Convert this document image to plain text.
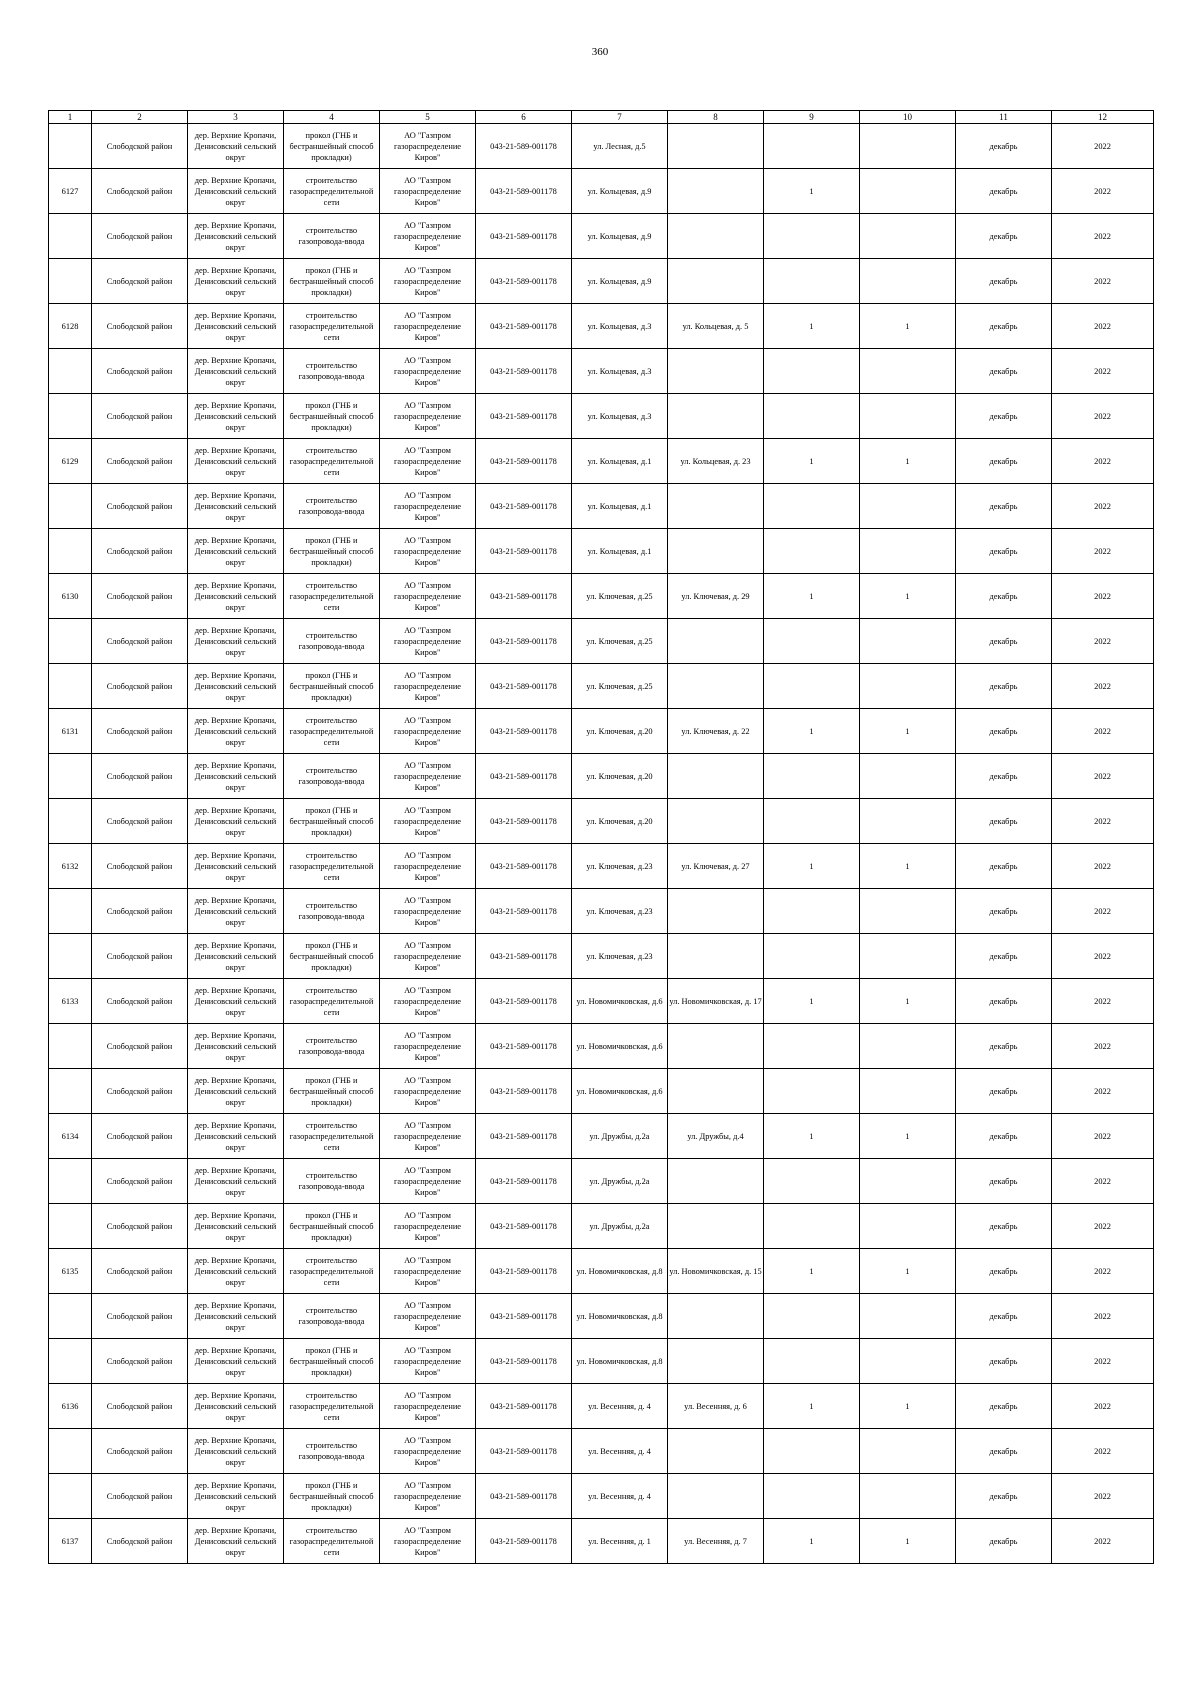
360
1	2	3	4	5	6	7	8	9	10	11	12
	Слободской район	дер. Верхние Кропачи, Денисовский сельский округ	прокол (ГНБ и бестраншейный способ прокладки)	АО "Газпром газораспределение Киров"	043-21-589-001178	ул. Лесная, д.5				декабрь	2022
6127	Слободской район	дер. Верхние Кропачи, Денисовский сельский округ	строительство газораспределительной сети	АО "Газпром газораспределение Киров"	043-21-589-001178	ул. Кольцевая, д.9		1		декабрь	2022
	Слободской район	дер. Верхние Кропачи, Денисовский сельский округ	строительство газопровода-ввода	АО "Газпром газораспределение Киров"	043-21-589-001178	ул. Кольцевая, д.9				декабрь	2022
	Слободской район	дер. Верхние Кропачи, Денисовский сельский округ	прокол (ГНБ и бестраншейный способ прокладки)	АО "Газпром газораспределение Киров"	043-21-589-001178	ул. Кольцевая, д.9				декабрь	2022
6128	Слободской район	дер. Верхние Кропачи, Денисовский сельский округ	строительство газораспределительной сети	АО "Газпром газораспределение Киров"	043-21-589-001178	ул. Кольцевая, д.3	ул. Кольцевая, д. 5	1	1	декабрь	2022
	Слободской район	дер. Верхние Кропачи, Денисовский сельский округ	строительство газопровода-ввода	АО "Газпром газораспределение Киров"	043-21-589-001178	ул. Кольцевая, д.3				декабрь	2022
	Слободской район	дер. Верхние Кропачи, Денисовский сельский округ	прокол (ГНБ и бестраншейный способ прокладки)	АО "Газпром газораспределение Киров"	043-21-589-001178	ул. Кольцевая, д.3				декабрь	2022
6129	Слободской район	дер. Верхние Кропачи, Денисовский сельский округ	строительство газораспределительной сети	АО "Газпром газораспределение Киров"	043-21-589-001178	ул. Кольцевая, д.1	ул. Кольцевая, д. 23	1	1	декабрь	2022
	Слободской район	дер. Верхние Кропачи, Денисовский сельский округ	строительство газопровода-ввода	АО "Газпром газораспределение Киров"	043-21-589-001178	ул. Кольцевая, д.1				декабрь	2022
	Слободской район	дер. Верхние Кропачи, Денисовский сельский округ	прокол (ГНБ и бестраншейный способ прокладки)	АО "Газпром газораспределение Киров"	043-21-589-001178	ул. Кольцевая, д.1				декабрь	2022
6130	Слободской район	дер. Верхние Кропачи, Денисовский сельский округ	строительство газораспределительной сети	АО "Газпром газораспределение Киров"	043-21-589-001178	ул. Ключевая, д.25	ул. Ключевая, д. 29	1	1	декабрь	2022
	Слободской район	дер. Верхние Кропачи, Денисовский сельский округ	строительство газопровода-ввода	АО "Газпром газораспределение Киров"	043-21-589-001178	ул. Ключевая, д.25				декабрь	2022
	Слободской район	дер. Верхние Кропачи, Денисовский сельский округ	прокол (ГНБ и бестраншейный способ прокладки)	АО "Газпром газораспределение Киров"	043-21-589-001178	ул. Ключевая, д.25				декабрь	2022
6131	Слободской район	дер. Верхние Кропачи, Денисовский сельский округ	строительство газораспределительной сети	АО "Газпром газораспределение Киров"	043-21-589-001178	ул. Ключевая, д.20	ул. Ключевая, д. 22	1	1	декабрь	2022
	Слободской район	дер. Верхние Кропачи, Денисовский сельский округ	строительство газопровода-ввода	АО "Газпром газораспределение Киров"	043-21-589-001178	ул. Ключевая, д.20				декабрь	2022
	Слободской район	дер. Верхние Кропачи, Денисовский сельский округ	прокол (ГНБ и бестраншейный способ прокладки)	АО "Газпром газораспределение Киров"	043-21-589-001178	ул. Ключевая, д.20				декабрь	2022
6132	Слободской район	дер. Верхние Кропачи, Денисовский сельский округ	строительство газораспределительной сети	АО "Газпром газораспределение Киров"	043-21-589-001178	ул. Ключевая, д.23	ул. Ключевая, д. 27	1	1	декабрь	2022
	Слободской район	дер. Верхние Кропачи, Денисовский сельский округ	строительство газопровода-ввода	АО "Газпром газораспределение Киров"	043-21-589-001178	ул. Ключевая, д.23				декабрь	2022
	Слободской район	дер. Верхние Кропачи, Денисовский сельский округ	прокол (ГНБ и бестраншейный способ прокладки)	АО "Газпром газораспределение Киров"	043-21-589-001178	ул. Ключевая, д.23				декабрь	2022
6133	Слободской район	дер. Верхние Кропачи, Денисовский сельский округ	строительство газораспределительной сети	АО "Газпром газораспределение Киров"	043-21-589-001178	ул. Новомичковская, д.6	ул. Новомичковская, д. 17	1	1	декабрь	2022
	Слободской район	дер. Верхние Кропачи, Денисовский сельский округ	строительство газопровода-ввода	АО "Газпром газораспределение Киров"	043-21-589-001178	ул. Новомичковская, д.6				декабрь	2022
	Слободской район	дер. Верхние Кропачи, Денисовский сельский округ	прокол (ГНБ и бестраншейный способ прокладки)	АО "Газпром газораспределение Киров"	043-21-589-001178	ул. Новомичковская, д.6				декабрь	2022
6134	Слободской район	дер. Верхние Кропачи, Денисовский сельский округ	строительство газораспределительной сети	АО "Газпром газораспределение Киров"	043-21-589-001178	ул. Дружбы, д.2а	ул. Дружбы, д.4	1	1	декабрь	2022
	Слободской район	дер. Верхние Кропачи, Денисовский сельский округ	строительство газопровода-ввода	АО "Газпром газораспределение Киров"	043-21-589-001178	ул. Дружбы, д.2а				декабрь	2022
	Слободской район	дер. Верхние Кропачи, Денисовский сельский округ	прокол (ГНБ и бестраншейный способ прокладки)	АО "Газпром газораспределение Киров"	043-21-589-001178	ул. Дружбы, д.2а				декабрь	2022
6135	Слободской район	дер. Верхние Кропачи, Денисовский сельский округ	строительство газораспределительной сети	АО "Газпром газораспределение Киров"	043-21-589-001178	ул. Новомичковская, д.8	ул. Новомичковская, д. 15	1	1	декабрь	2022
	Слободской район	дер. Верхние Кропачи, Денисовский сельский округ	строительство газопровода-ввода	АО "Газпром газораспределение Киров"	043-21-589-001178	ул. Новомичковская, д.8				декабрь	2022
	Слободской район	дер. Верхние Кропачи, Денисовский сельский округ	прокол (ГНБ и бестраншейный способ прокладки)	АО "Газпром газораспределение Киров"	043-21-589-001178	ул. Новомичковская, д.8				декабрь	2022
6136	Слободской район	дер. Верхние Кропачи, Денисовский сельский округ	строительство газораспределительной сети	АО "Газпром газораспределение Киров"	043-21-589-001178	ул. Весенняя, д. 4	ул. Весенняя, д. 6	1	1	декабрь	2022
	Слободской район	дер. Верхние Кропачи, Денисовский сельский округ	строительство газопровода-ввода	АО "Газпром газораспределение Киров"	043-21-589-001178	ул. Весенняя, д. 4				декабрь	2022
	Слободской район	дер. Верхние Кропачи, Денисовский сельский округ	прокол (ГНБ и бестраншейный способ прокладки)	АО "Газпром газораспределение Киров"	043-21-589-001178	ул. Весенняя, д. 4				декабрь	2022
6137	Слободской район	дер. Верхние Кропачи, Денисовский сельский округ	строительство газораспределительной сети	АО "Газпром газораспределение Киров"	043-21-589-001178	ул. Весенняя, д. 1	ул. Весенняя, д. 7	1	1	декабрь	2022
